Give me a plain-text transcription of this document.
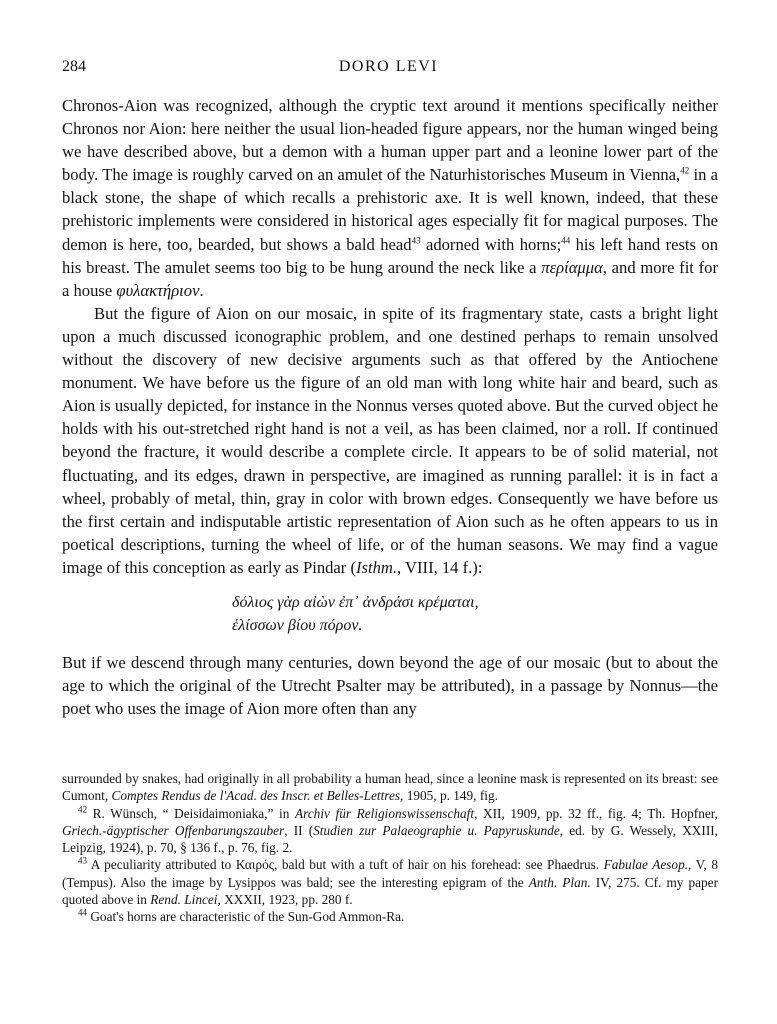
284	DORO LEVI

Chronos-Aion was recognized, although the cryptic text around it mentions specifically neither Chronos nor Aion: here neither the usual lion-headed figure appears, nor the human winged being we have described above, but a demon with a human upper part and a leonine lower part of the body. The image is roughly carved on an amulet of the Naturhistorisches Museum in Vienna,$^{42}$ in a black stone, the shape of which recalls a prehistoric axe. It is well known, indeed, that these prehistoric implements were considered in historical ages especially fit for magical purposes. The demon is here, too, bearded, but shows a bald head$^{43}$ adorned with horns;$^{44}$ his left hand rests on his breast. The amulet seems too big to be hung around the neck like a περίαμμα, and more fit for a house φυλακτήριον.

But the figure of Aion on our mosaic, in spite of its fragmentary state, casts a bright light upon a much discussed iconographic problem, and one destined perhaps to remain unsolved without the discovery of new decisive arguments such as that offered by the Antiochene monument. We have before us the figure of an old man with long white hair and beard, such as Aion is usually depicted, for instance in the Nonnus verses quoted above. But the curved object he holds with his out-stretched right hand is not a veil, as has been claimed, nor a roll. If continued beyond the fracture, it would describe a complete circle. It appears to be of solid material, not fluctuating, and its edges, drawn in perspective, are imagined as running parallel: it is in fact a wheel, probably of metal, thin, gray in color with brown edges. Consequently we have before us the first certain and indisputable artistic representation of Aion such as he often appears to us in poetical descriptions, turning the wheel of life, or of the human seasons. We may find a vague image of this conception as early as Pindar (Isthm., VIII, 14 f.):

δόλιος γὰρ αἰὼν ἐπ᾽ ἀνδράσι κρέμαται,
ἑλίσσων βίου πόρον.

But if we descend through many centuries, down beyond the age of our mosaic (but to about the age to which the original of the Utrecht Psalter may be attributed), in a passage by Nonnus—the poet who uses the image of Aion more often than any

surrounded by snakes, had originally in all probability a human head, since a leonine mask is represented on its breast: see Cumont, Comptes Rendus de l'Acad. des Inscr. et Belles-Lettres, 1905, p. 149, fig.

$^{42}$ R. Wünsch, “ Deisidaimoniaka,” in Archiv für Religionswissenschaft, XII, 1909, pp. 32 ff., fig. 4; Th. Hopfner, Griech.-ägyptischer Offenbarungszauber, II (Studien zur Palaeographie u. Papyruskunde, ed. by G. Wessely, XXIII, Leipzig, 1924), p. 70, § 136 f., p. 76, fig. 2.

$^{43}$ A peculiarity attributed to Καιρός, bald but with a tuft of hair on his forehead: see Phaedrus. Fabulae Aesop., V, 8 (Tempus). Also the image by Lysippos was bald; see the interesting epigram of the Anth. Plan. IV, 275. Cf. my paper quoted above in Rend. Lincei, XXXII, 1923, pp. 280 f.

$^{44}$ Goat's horns are characteristic of the Sun-God Ammon-Ra.
